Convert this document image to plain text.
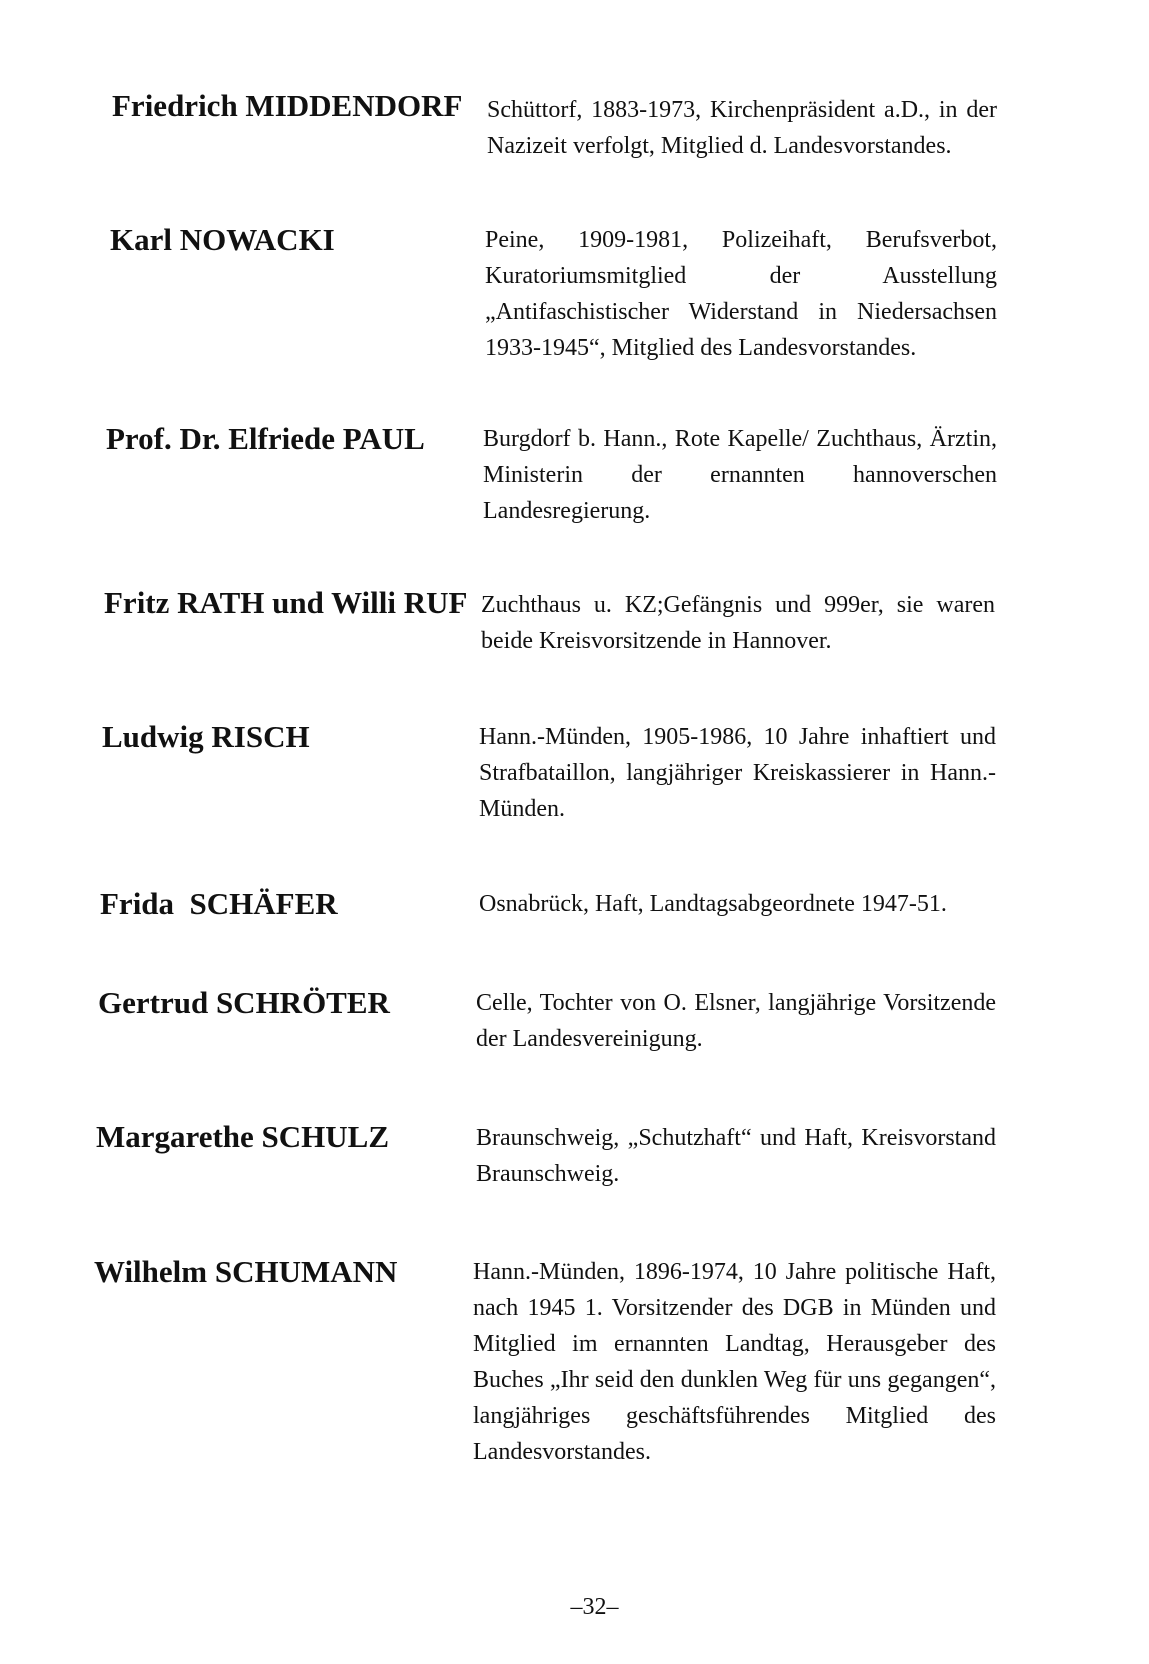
Friedrich MIDDENDORF Schüttorf, 1883-1973, Kirchenpräsident a.D., in der Nazizeit verfolgt, Mitglied d. Landesvorstandes.
Karl NOWACKI	Peine, 1909-1981, Polizeihaft, Berufsverbot, Kuratoriumsmitglied der Ausstellung „Antifaschistischer Widerstand in Niedersachsen 1933-1945“, Mitglied des Landesvorstandes.
Prof. Dr. Elfriede PAUL Burgdorf b. Hann., Rote Kapelle/ Zuchthaus, Ärztin, Ministerin der ernannten hannoverschen Landesregierung.
Fritz RATH und Willi RUF Zuchthaus u. KZ;Gefängnis und 999er, sie waren beide Kreisvorsitzende in Hannover.
Ludwig RISCH	Hann.-Münden, 1905-1986, 10 Jahre inhaftiert und Strafbataillon, langjähriger Kreiskassierer in Hann.- Münden.
Frida  SCHÄFER	Osnabrück, Haft, Landtagsabgeordnete 1947-51.
Gertrud SCHRÖTER	Celle, Tochter von O. Elsner, langjährige Vorsitzende der Landesvereinigung.
Margarethe SCHULZ	Braunschweig, „Schutzhaft“ und Haft, Kreisvorstand Braunschweig.
Wilhelm SCHUMANN	Hann.-Münden, 1896-1974, 10 Jahre politische Haft, nach 1945 1. Vorsitzender des DGB in Münden und Mitglied im ernannten Landtag, Herausgeber des Buches „Ihr seid den dunklen Weg für uns gegangen“, langjähriges geschäftsführendes Mitglied des Landesvorstandes.
–32–
